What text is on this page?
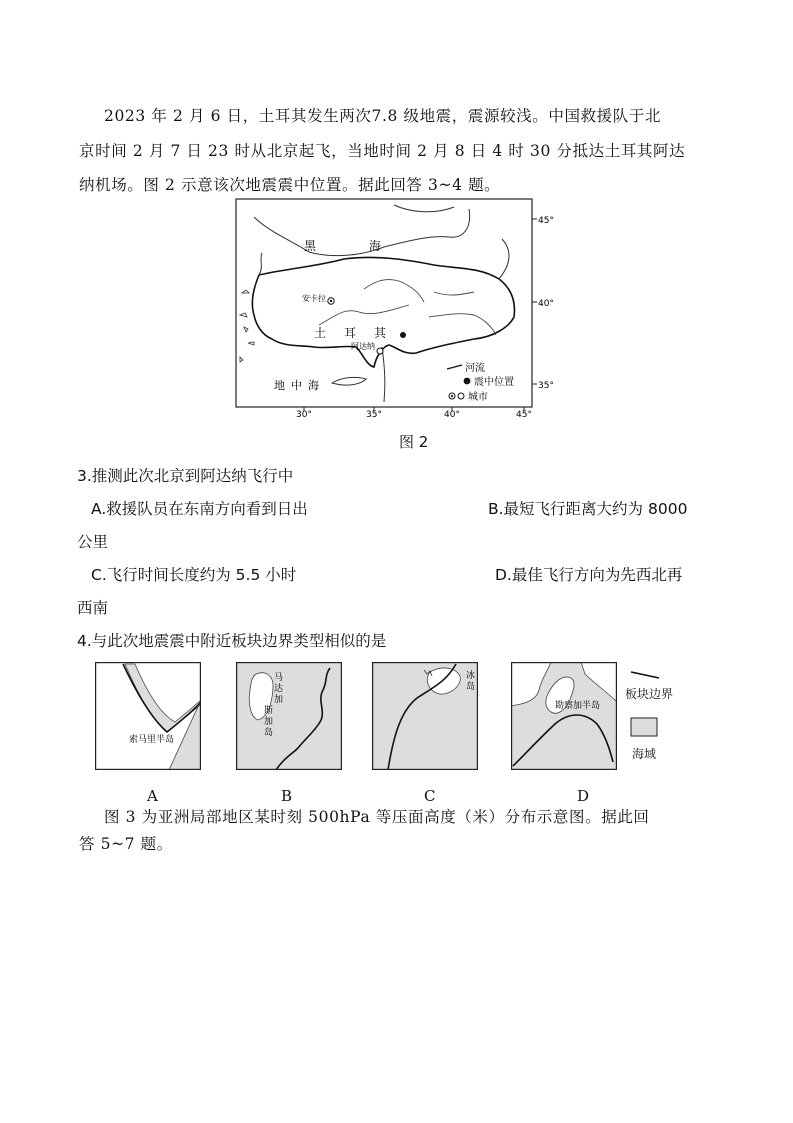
2023 年 2 月 6 日，土耳其发生两次7.8 级地震，震源较浅。中国救援队于北
京时间 2 月 7 日 23 时从北京起飞，当地时间 2 月 8 日 4 时 30 分抵达土耳其阿达
纳机场。图 2 示意该次地震震中位置。据此回答 3~4 题。
黑	海
安卡拉
土 耳 其
阿达纳
地 中 海
45°
40°
35°
30°	35°	40°	45°
河流
震中位置
城市
图 2
3.推测此次北京到阿达纳飞行中
A.救援队员在东南方向看到日出	B.最短飞行距离大约为 8000
公里
C.飞行时间长度约为 5.5 小时	D.最佳飞行方向为先西北再
西南
4.与此次地震震中附近板块边界类型相似的是
索马里半岛
A
马
达
加
斯
加
岛
B
冰
岛
C
勘察加半岛
D
板块边界
海域
图 3 为亚洲局部地区某时刻 500hPa 等压面高度（米）分布示意图。据此回
答 5~7 题。
